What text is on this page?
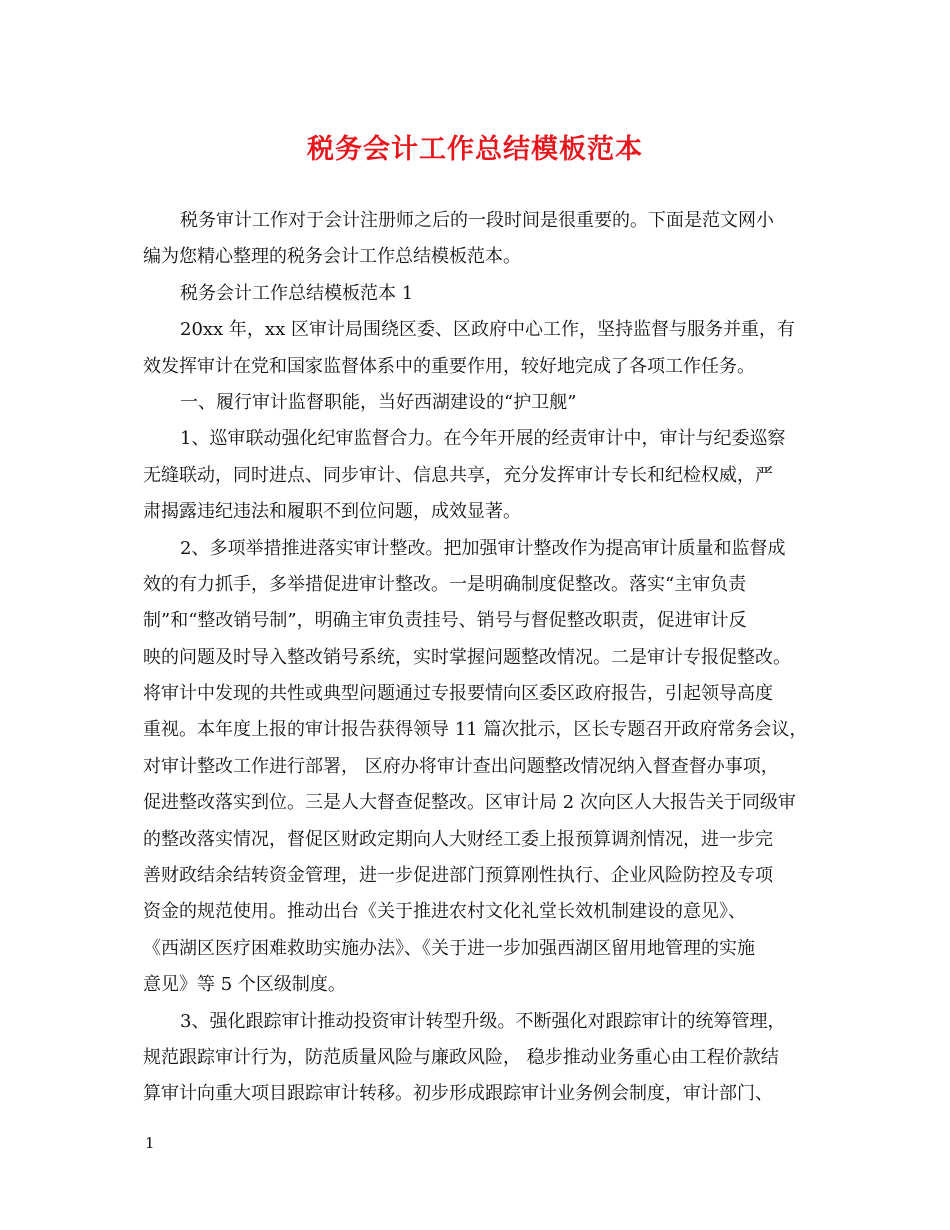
税务会计工作总结模板范本
税务审计工作对于会计注册师之后的一段时间是很重要的。下面是范文网小
编为您精心整理的税务会计工作总结模板范本。
税务会计工作总结模板范本 1
20xx 年，xx 区审计局围绕区委、区政府中心工作，坚持监督与服务并重，有
效发挥审计在党和国家监督体系中的重要作用，较好地完成了各项工作任务。
一、履行审计监督职能，当好西湖建设的“护卫舰”
1、巡审联动强化纪审监督合力。在今年开展的经责审计中，审计与纪委巡察
无缝联动，同时进点、同步审计、信息共享，充分发挥审计专长和纪检权威，严
肃揭露违纪违法和履职不到位问题，成效显著。
2、多项举措推进落实审计整改。把加强审计整改作为提高审计质量和监督成
效的有力抓手，多举措促进审计整改。一是明确制度促整改。落实“主审负责
制”和“整改销号制”，明确主审负责挂号、销号与督促整改职责，促进审计反
映的问题及时导入整改销号系统，实时掌握问题整改情况。二是审计专报促整改。
将审计中发现的共性或典型问题通过专报要情向区委区政府报告，引起领导高度
重视。本年度上报的审计报告获得领导 11 篇次批示，区长专题召开政府常务会议，
对审计整改工作进行部署， 区府办将审计查出问题整改情况纳入督查督办事项，
促进整改落实到位。三是人大督查促整改。区审计局 2 次向区人大报告关于同级审
的整改落实情况，督促区财政定期向人大财经工委上报预算调剂情况，进一步完
善财政结余结转资金管理，进一步促进部门预算刚性执行、企业风险防控及专项
资金的规范使用。推动出台《关于推进农村文化礼堂长效机制建设的意见》、
《西湖区医疗困难救助实施办法》、《关于进一步加强西湖区留用地管理的实施
意见》等 5 个区级制度。
3、强化跟踪审计推动投资审计转型升级。不断强化对跟踪审计的统筹管理，
规范跟踪审计行为，防范质量风险与廉政风险， 稳步推动业务重心由工程价款结
算审计向重大项目跟踪审计转移。初步形成跟踪审计业务例会制度，审计部门、
1
